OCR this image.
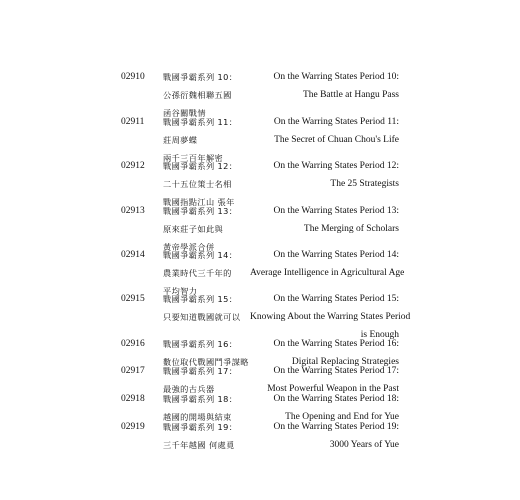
02910 戰國爭霸系列 10：
公孫衍魏相聯五國
函谷關戰情
On the Warring States Period 10:
The Battle at Hangu Pass
02911 戰國爭霸系列 11：
莊周夢蝶
兩千三百年解密
On the Warring States Period 11:
The Secret of Chuan Chou's Life
02912 戰國爭霸系列 12：
二十五位策士名相
戰國指點江山 張年
On the Warring States Period 12:
The 25 Strategists
02913 戰國爭霸系列 13：
原來莊子如此與
黃帝學派合併
On the Warring States Period 13:
The Merging of Scholars
02914 戰國爭霸系列 14：
農業時代三千年的
平均智力
On the Warring States Period 14:
Average Intelligence in Agricultural Age
02915 戰國爭霸系列 15：
只要知道戰國就可以
On the Warring States Period 15:
Knowing About the Warring States Period
is Enough
02916 戰國爭霸系列 16：
數位取代戰國鬥爭謀略
On the Warring States Period 16:
Digital Replacing Strategies
02917 戰國爭霸系列 17：
最強的古兵器
On the Warring States Period 17:
Most Powerful Weapon in the Past
02918 戰國爭霸系列 18：
越國的開場與結束
On the Warring States Period 18:
The Opening and End for Yue
02919 戰國爭霸系列 19：
三千年越國 何處覓
On the Warring States Period 19:
3000 Years of Yue
